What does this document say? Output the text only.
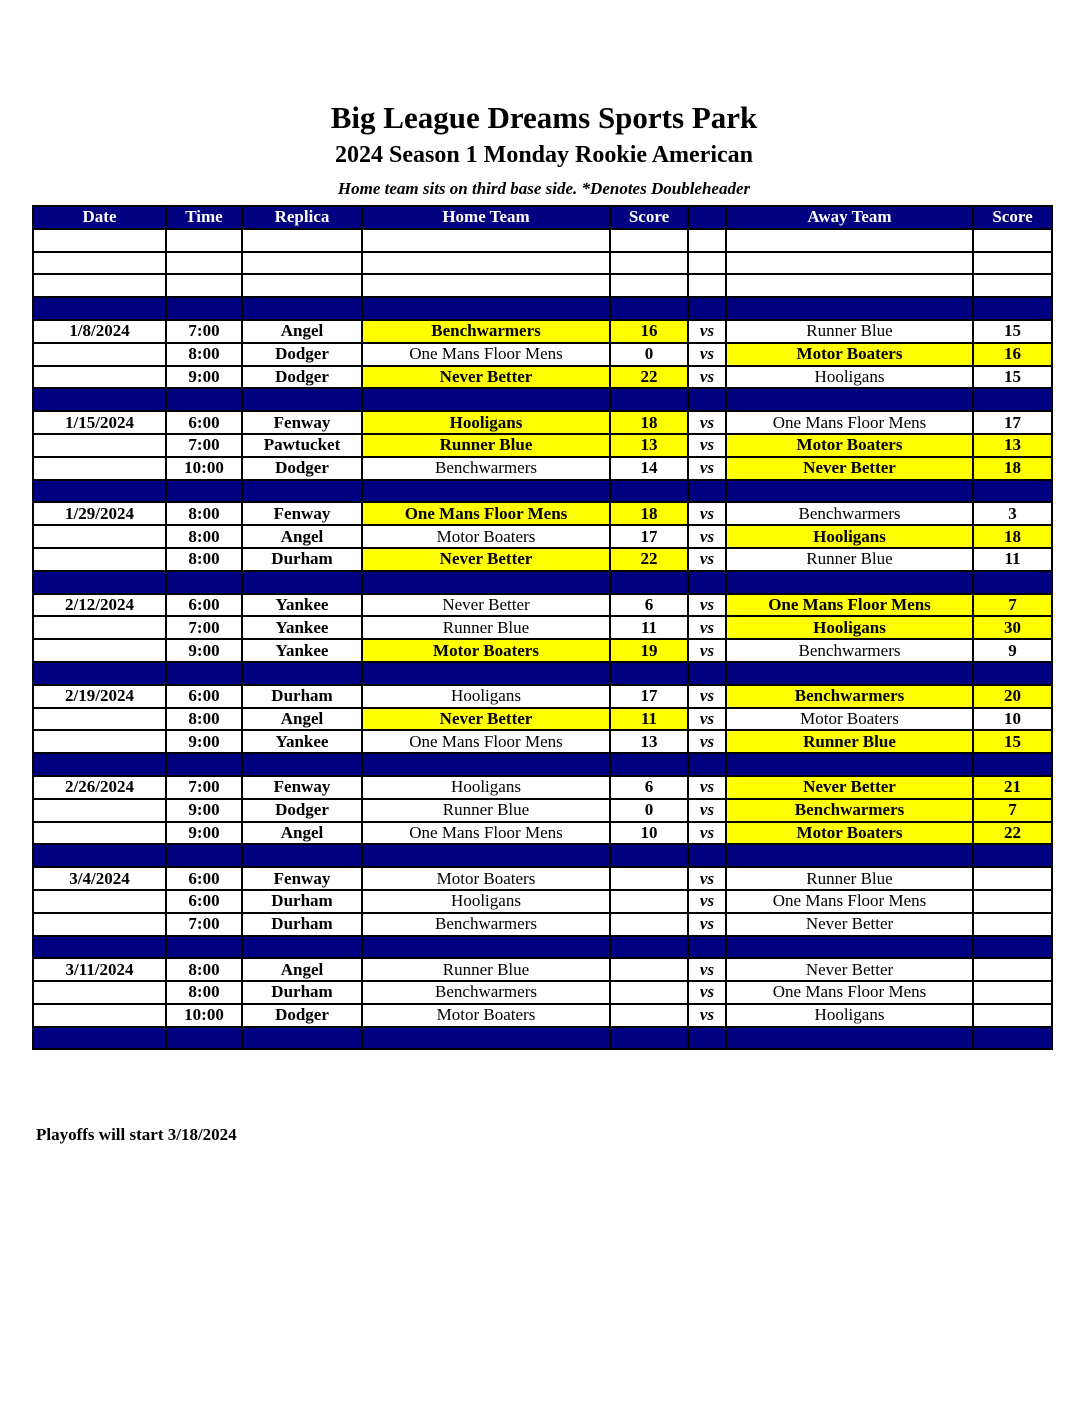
Big League Dreams Sports Park
2024 Season 1 Monday Rookie American
Home team sits on third base side. *Denotes Doubleheader
Date	Time	Replica	Home Team	Score		Away Team	Score

1/8/2024	7:00	Angel	Benchwarmers	16	vs	Runner Blue	15
	8:00	Dodger	One Mans Floor Mens	0	vs	Motor Boaters	16
	9:00	Dodger	Never Better	22	vs	Hooligans	15

1/15/2024	6:00	Fenway	Hooligans	18	vs	One Mans Floor Mens	17
	7:00	Pawtucket	Runner Blue	13	vs	Motor Boaters	13
	10:00	Dodger	Benchwarmers	14	vs	Never Better	18

1/29/2024	8:00	Fenway	One Mans Floor Mens	18	vs	Benchwarmers	3
	8:00	Angel	Motor Boaters	17	vs	Hooligans	18
	8:00	Durham	Never Better	22	vs	Runner Blue	11

2/12/2024	6:00	Yankee	Never Better	6	vs	One Mans Floor Mens	7
	7:00	Yankee	Runner Blue	11	vs	Hooligans	30
	9:00	Yankee	Motor Boaters	19	vs	Benchwarmers	9

2/19/2024	6:00	Durham	Hooligans	17	vs	Benchwarmers	20
	8:00	Angel	Never Better	11	vs	Motor Boaters	10
	9:00	Yankee	One Mans Floor Mens	13	vs	Runner Blue	15

2/26/2024	7:00	Fenway	Hooligans	6	vs	Never Better	21
	9:00	Dodger	Runner Blue	0	vs	Benchwarmers	7
	9:00	Angel	One Mans Floor Mens	10	vs	Motor Boaters	22

3/4/2024	6:00	Fenway	Motor Boaters		vs	Runner Blue	
	6:00	Durham	Hooligans		vs	One Mans Floor Mens	
	7:00	Durham	Benchwarmers		vs	Never Better	

3/11/2024	8:00	Angel	Runner Blue		vs	Never Better	
	8:00	Durham	Benchwarmers		vs	One Mans Floor Mens	
	10:00	Dodger	Motor Boaters		vs	Hooligans	

Playoffs will start 3/18/2024
